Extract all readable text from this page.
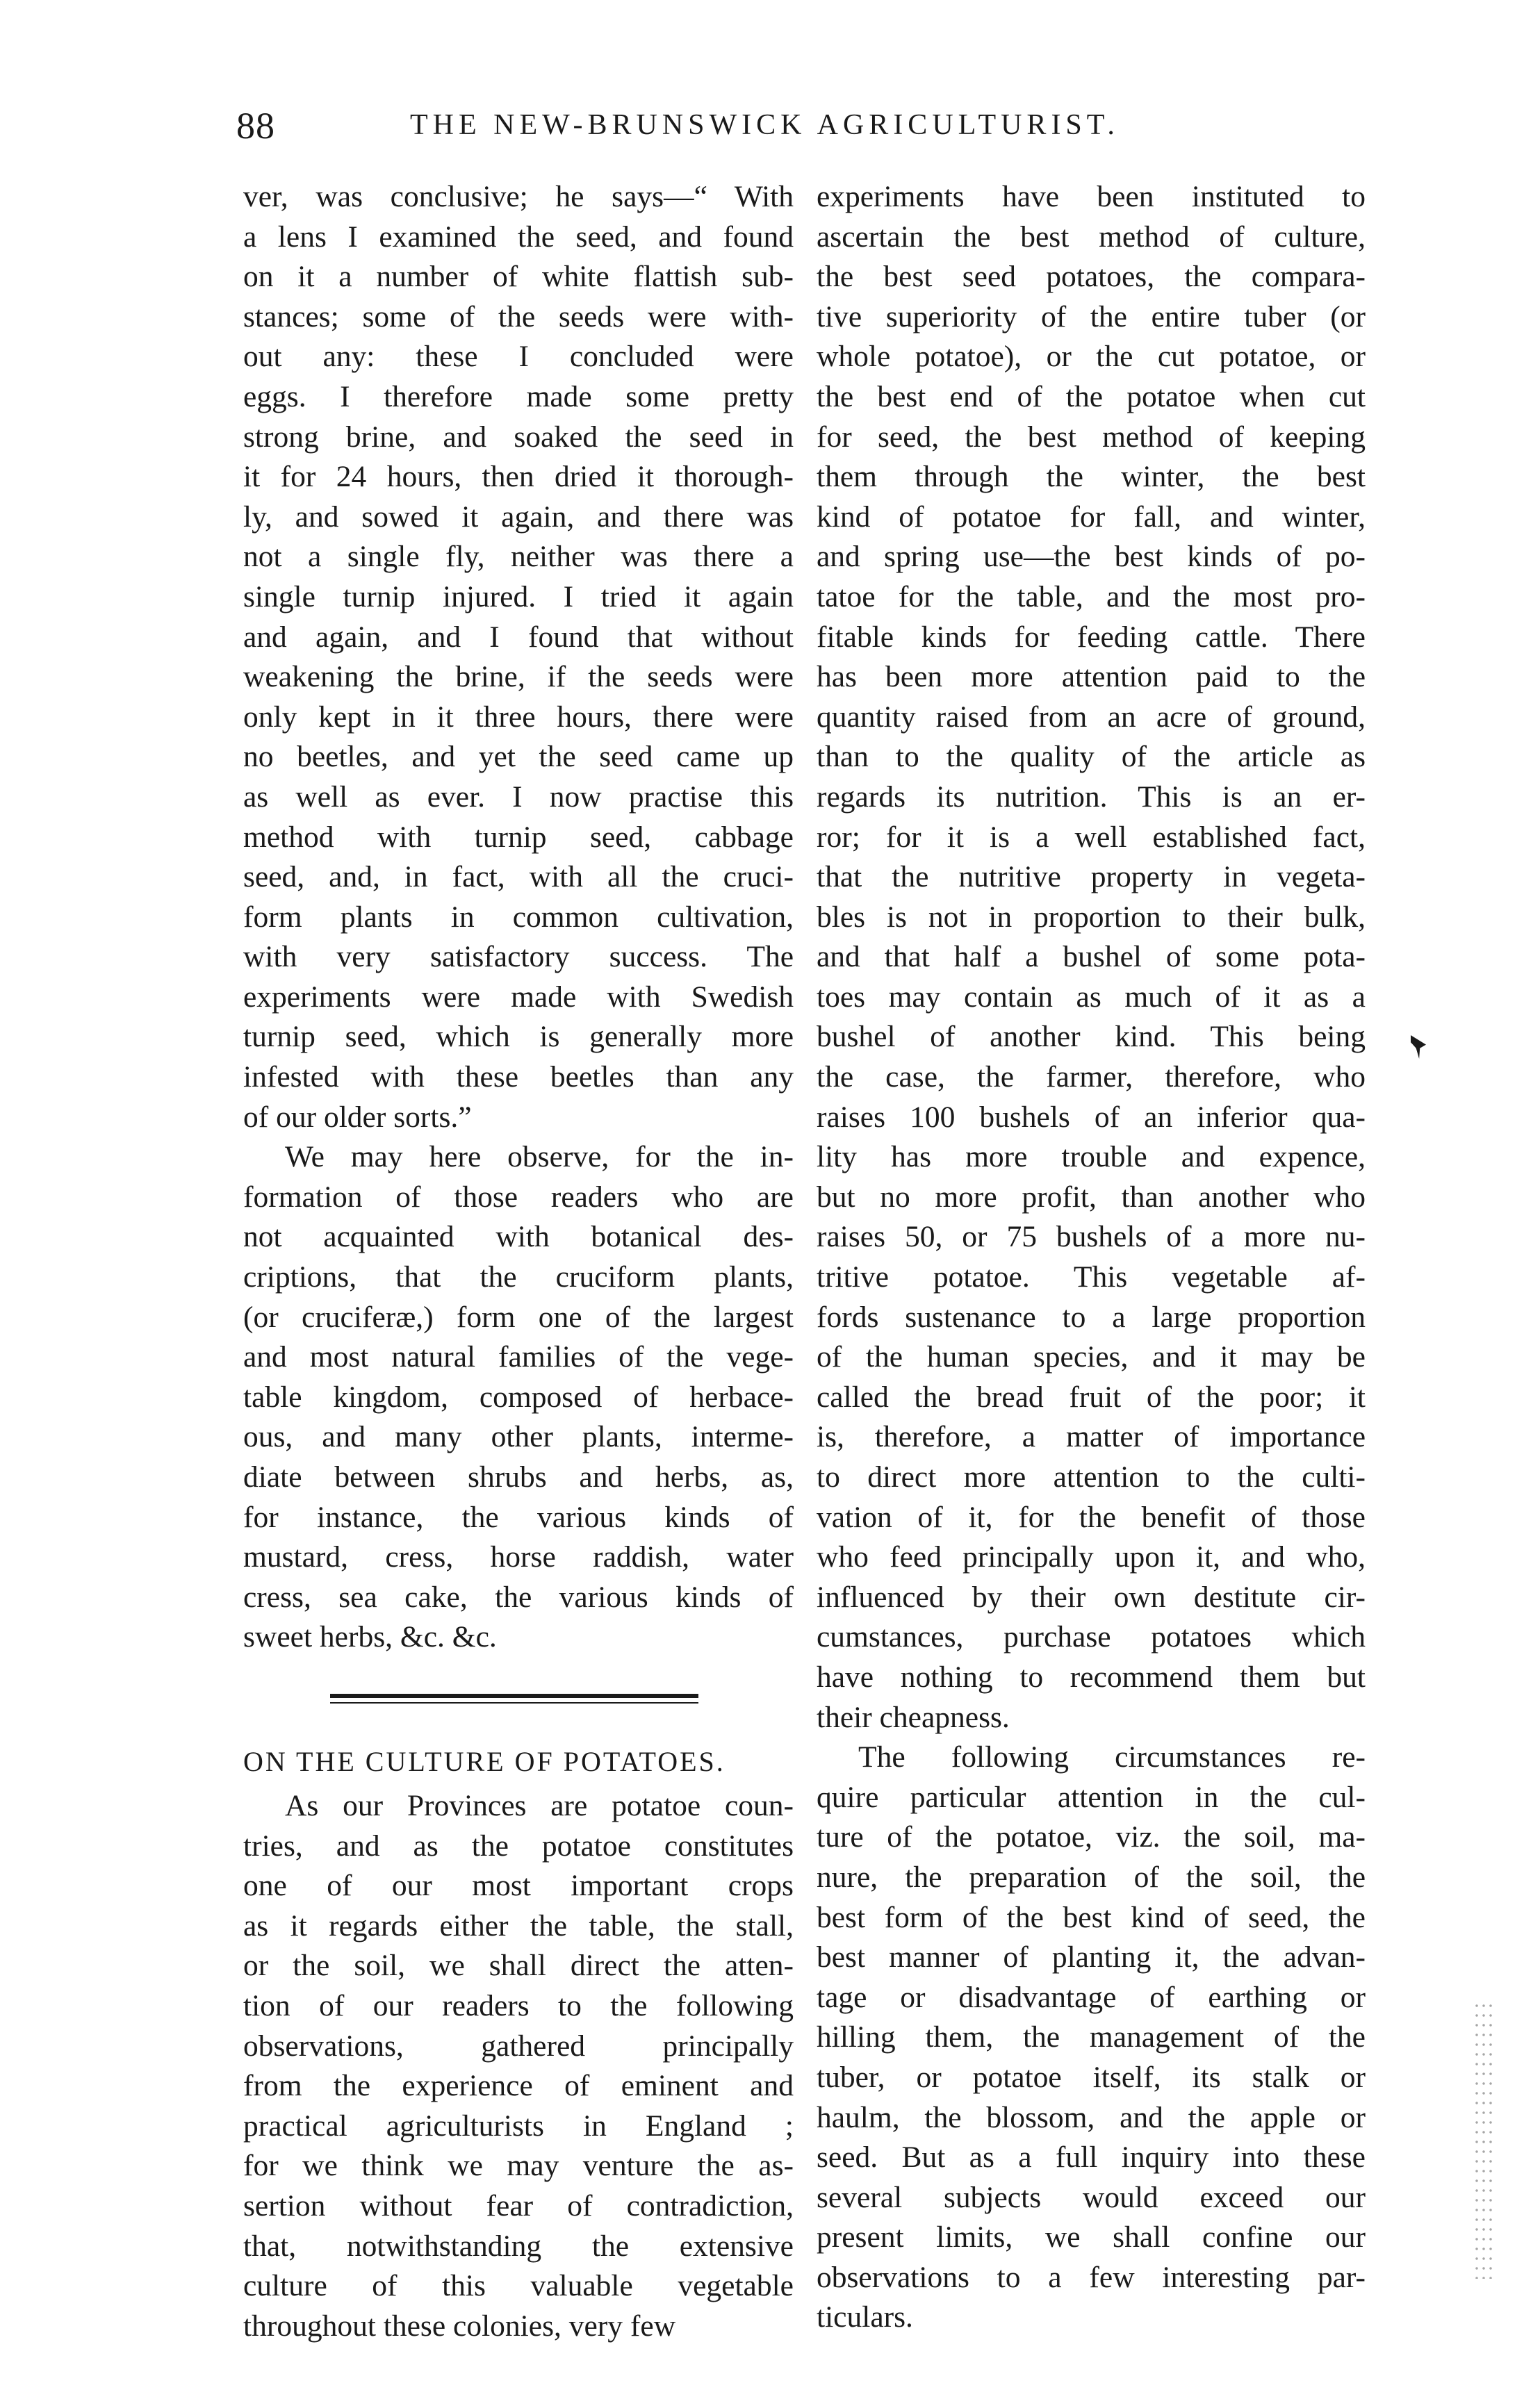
88	THE NEW-BRUNSWICK AGRICULTURIST.
ver, was conclusive; he says—“ With
a lens I examined the seed, and found
on it a number of white flattish sub-
stances; some of the seeds were with-
out any: these I concluded were
eggs. I therefore made some pretty
strong brine, and soaked the seed in
it for 24 hours, then dried it thorough-
ly, and sowed it again, and there was
not a single fly, neither was there a
single turnip injured. I tried it again
and again, and I found that without
weakening the brine, if the seeds were
only kept in it three hours, there were
no beetles, and yet the seed came up
as well as ever. I now practise this
method with turnip seed, cabbage
seed, and, in fact, with all the cruci-
form plants in common cultivation,
with very satisfactory success. The
experiments were made with Swedish
turnip seed, which is generally more
infested with these beetles than any
of our older sorts.”
We may here observe, for the in-
formation of those readers who are
not acquainted with botanical des-
criptions, that the cruciform plants,
(or cruciferæ,) form one of the largest
and most natural families of the vege-
table kingdom, composed of herbace-
ous, and many other plants, interme-
diate between shrubs and herbs, as,
for instance, the various kinds of
mustard, cress, horse raddish, water
cress, sea cake, the various kinds of
sweet herbs, &c. &c.
ON THE CULTURE OF POTATOES.
As our Provinces are potatoe coun-
tries, and as the potatoe constitutes
one of our most important crops
as it regards either the table, the stall,
or the soil, we shall direct the atten-
tion of our readers to the following
observations, gathered principally
from the experience of eminent and
practical agriculturists in England ;
for we think we may venture the as-
sertion without fear of contradiction,
that, notwithstanding the extensive
culture of this valuable vegetable
throughout these colonies, very few
experiments have been instituted to
ascertain the best method of culture,
the best seed potatoes, the compara-
tive superiority of the entire tuber (or
whole potatoe), or the cut potatoe, or
the best end of the potatoe when cut
for seed, the best method of keeping
them through the winter, the best
kind of potatoe for fall, and winter,
and spring use—the best kinds of po-
tatoe for the table, and the most pro-
fitable kinds for feeding cattle. There
has been more attention paid to the
quantity raised from an acre of ground,
than to the quality of the article as
regards its nutrition. This is an er-
ror; for it is a well established fact,
that the nutritive property in vegeta-
bles is not in proportion to their bulk,
and that half a bushel of some pota-
toes may contain as much of it as a
bushel of another kind. This being
the case, the farmer, therefore, who
raises 100 bushels of an inferior qua-
lity has more trouble and expence,
but no more profit, than another who
raises 50, or 75 bushels of a more nu-
tritive potatoe. This vegetable af-
fords sustenance to a large proportion
of the human species, and it may be
called the bread fruit of the poor; it
is, therefore, a matter of importance
to direct more attention to the culti-
vation of it, for the benefit of those
who feed principally upon it, and who,
influenced by their own destitute cir-
cumstances, purchase potatoes which
have nothing to recommend them but
their cheapness.
The following circumstances re-
quire particular attention in the cul-
ture of the potatoe, viz. the soil, ma-
nure, the preparation of the soil, the
best form of the best kind of seed, the
best manner of planting it, the advan-
tage or disadvantage of earthing or
hilling them, the management of the
tuber, or potatoe itself, its stalk or
haulm, the blossom, and the apple or
seed. But as a full inquiry into these
several subjects would exceed our
present limits, we shall confine our
observations to a few interesting par-
ticulars.
